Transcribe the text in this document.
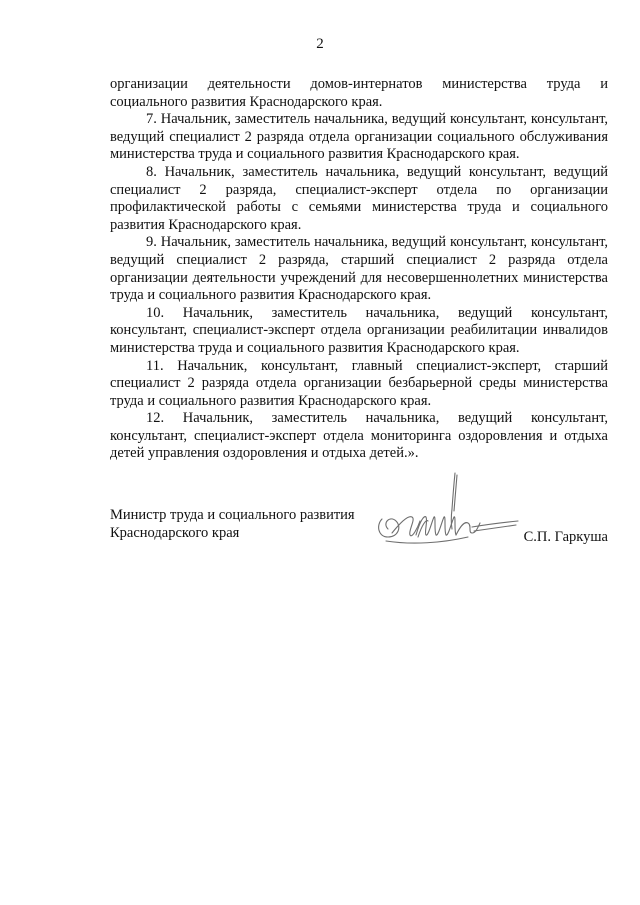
2

организации деятельности домов-интернатов министерства труда и социального развития Краснодарского края.

7. Начальник, заместитель начальника, ведущий консультант, консультант, ведущий специалист 2 разряда отдела организации социального обслуживания министерства труда и социального развития Краснодарского края.

8. Начальник, заместитель начальника, ведущий консультант, ведущий специалист 2 разряда, специалист-эксперт отдела по организации профилактической работы с семьями министерства труда и социального развития Краснодарского края.

9. Начальник, заместитель начальника, ведущий консультант, консультант, ведущий специалист 2 разряда, старший специалист 2 разряда отдела организации деятельности учреждений для несовершеннолетних министерства труда и социального развития Краснодарского края.

10. Начальник, заместитель начальника, ведущий консультант, консультант, специалист-эксперт отдела организации реабилитации инвалидов министерства труда и социального развития Краснодарского края.

11. Начальник, консультант, главный специалист-эксперт, старший специалист 2 разряда отдела организации безбарьерной среды министерства труда и социального развития Краснодарского края.

12. Начальник, заместитель начальника, ведущий консультант, консультант, специалист-эксперт отдела мониторинга оздоровления и отдыха детей управления оздоровления и отдыха детей.».

Министр труда и социального развития
Краснодарского края	С.П. Гаркуша
